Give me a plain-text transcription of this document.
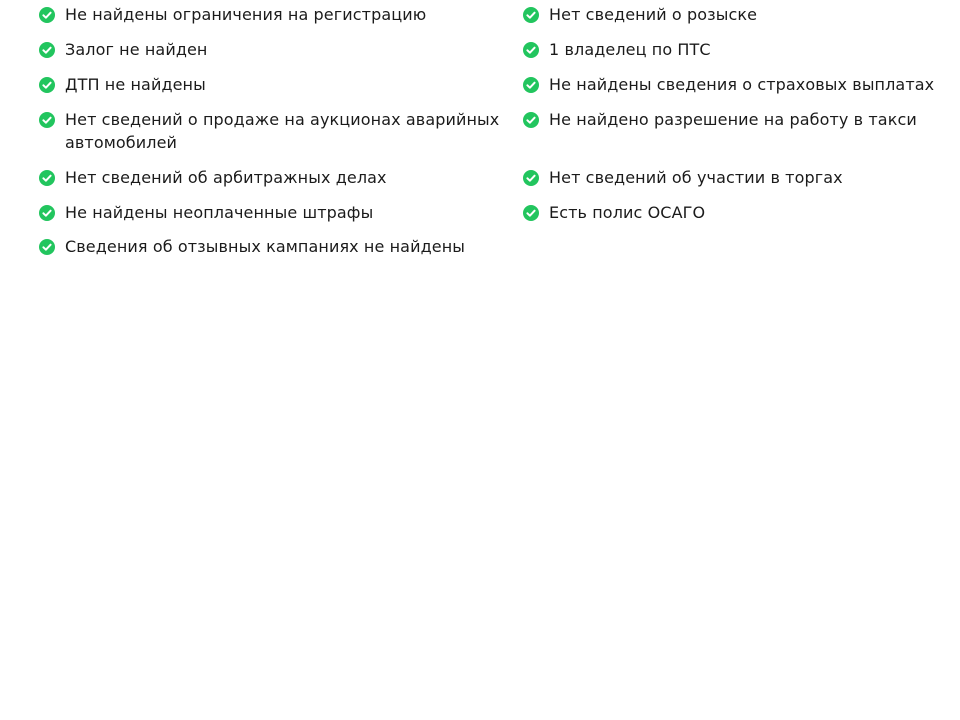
Не найдены ограничения на регистрацию
Залог не найден
ДТП не найдены
Нет сведений о продаже на аукционах аварийных автомобилей
Нет сведений об арбитражных делах
Не найдены неоплаченные штрафы
Сведения об отзывных кампаниях не найдены
Нет сведений о розыске
1 владелец по ПТС
Не найдены сведения о страховых выплатах
Не найдено разрешение на работу в такси
Нет сведений об участии в торгах
Есть полис ОСАГО
